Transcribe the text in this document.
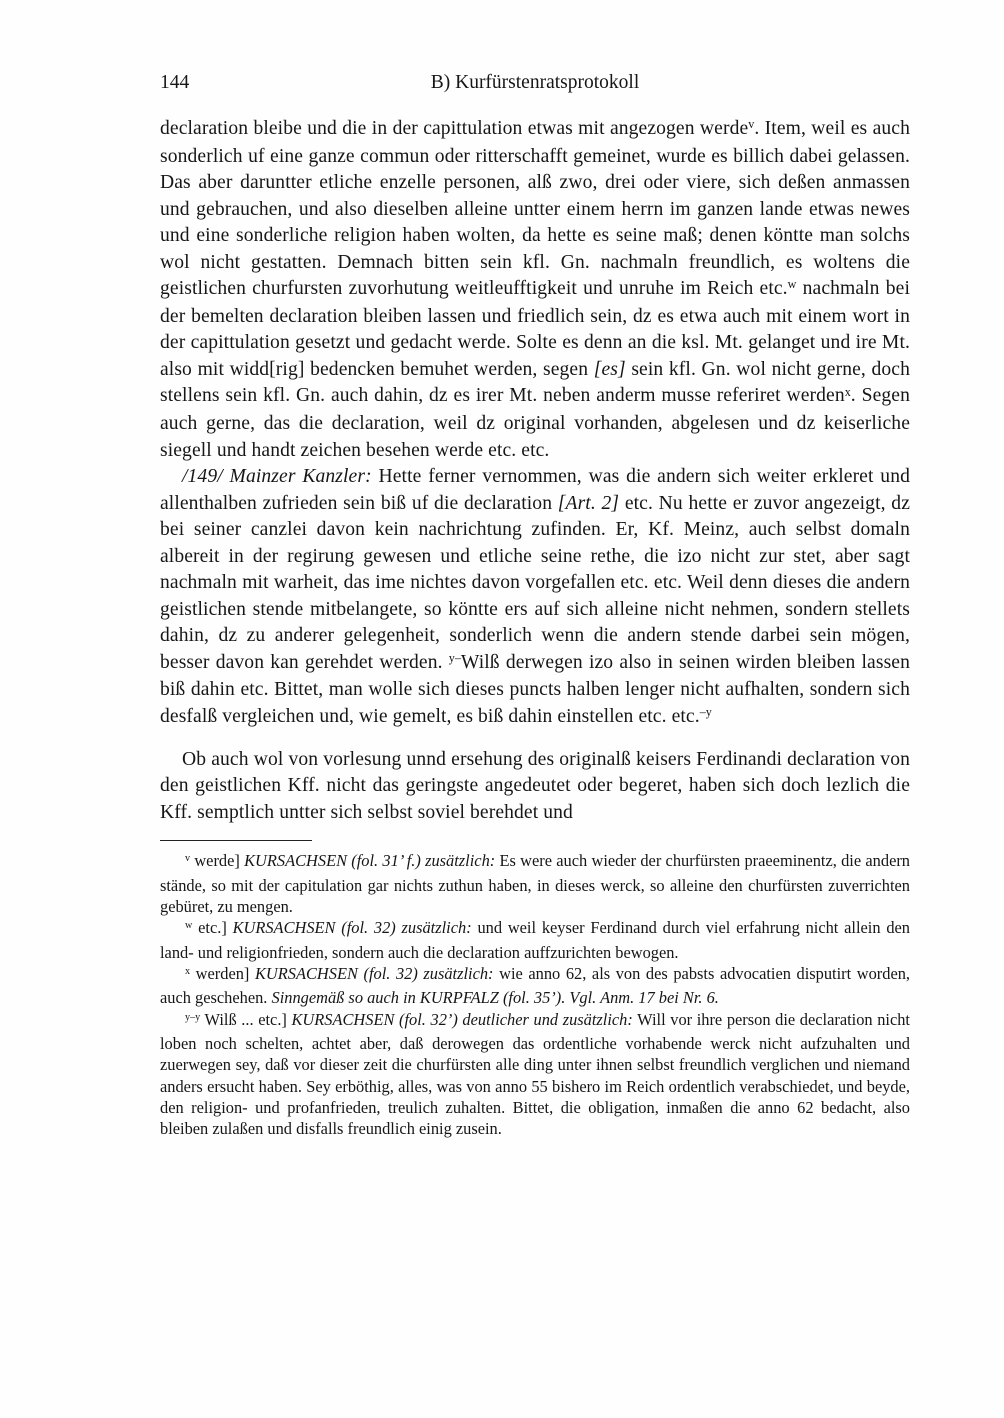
144	B) Kurfürstenratsprotokoll

declaration bleibe und die in der capittulation etwas mit angezogen werde$^v$. Item, weil es auch sonderlich uf eine ganze commun oder ritterschafft gemeinet, wurde es billich dabei gelassen. Das aber daruntter etliche enzelle personen, alß zwo, drei oder viere, sich deßen anmassen und gebrauchen, und also dieselben alleine untter einem herrn im ganzen lande etwas newes und eine sonderliche religion haben wolten, da hette es seine maß; denen köntte man solchs wol nicht gestatten. Demnach bitten sein kfl. Gn. nachmaln freundlich, es woltens die geistlichen churfursten zuvorhutung weitleufftigkeit und unruhe im Reich etc.$^w$ nachmaln bei der bemelten declaration bleiben lassen und friedlich sein, dz es etwa auch mit einem wort in der capittulation gesetzt und gedacht werde. Solte es denn an die ksl. Mt. gelanget und ire Mt. also mit widd[rig] bedencken bemuhet werden, segen [es] sein kfl. Gn. wol nicht gerne, doch stellens sein kfl. Gn. auch dahin, dz es irer Mt. neben anderm musse referiret werden$^x$. Segen auch gerne, das die declaration, weil dz original vorhanden, abgelesen und dz keiserliche siegell und handt zeichen besehen werde etc. etc.

/149/ Mainzer Kanzler: Hette ferner vernommen, was die andern sich weiter erkleret und allenthalben zufrieden sein biß uf die declaration [Art. 2] etc. Nu hette er zuvor angezeigt, dz bei seiner canzlei davon kein nachrichtung zufinden. Er, Kf. Meinz, auch selbst domaln albereit in der regirung gewesen und etliche seine rethe, die izo nicht zur stet, aber sagt nachmaln mit warheit, das ime nichtes davon vorgefallen etc. etc. Weil denn dieses die andern geistlichen stende mitbelangete, so köntte ers auf sich alleine nicht nehmen, sondern stellets dahin, dz zu anderer gelegenheit, sonderlich wenn die andern stende darbei sein mögen, besser davon kan gerehdet werden. $^{y-}$Wilß derwegen izo also in seinen wirden bleiben lassen biß dahin etc. Bittet, man wolle sich dieses puncts halben lenger nicht aufhalten, sondern sich desfalß vergleichen und, wie gemelt, es biß dahin einstellen etc. etc.$^{-y}$

Ob auch wol von vorlesung unnd ersehung des originalß keisers Ferdinandi declaration von den geistlichen Kff. nicht das geringste angedeutet oder begeret, haben sich doch lezlich die Kff. semptlich untter sich selbst soviel berehdet und

$^v$ werde] KURSACHSEN (fol. 31’ f.) zusätzlich: Es were auch wieder der churfürsten praeeminentz, die andern stände, so mit der capitulation gar nichts zuthun haben, in dieses werck, so alleine den churfürsten zuverrichten gebüret, zu mengen.

$^w$ etc.] KURSACHSEN (fol. 32) zusätzlich: und weil keyser Ferdinand durch viel erfahrung nicht allein den land- und religionfrieden, sondern auch die declaration auffzurichten bewogen.

$^x$ werden] KURSACHSEN (fol. 32) zusätzlich: wie anno 62, als von des pabsts advocatien disputirt worden, auch geschehen. Sinngemäß so auch in KURPFALZ (fol. 35’). Vgl. Anm. 17 bei Nr. 6.

$^{y-y}$ Wilß ... etc.] KURSACHSEN (fol. 32’) deutlicher und zusätzlich: Will vor ihre person die declaration nicht loben noch schelten, achtet aber, daß derowegen das ordentliche vorhabende werck nicht aufzuhalten und zuerwegen sey, daß vor dieser zeit die churfürsten alle ding unter ihnen selbst freundlich verglichen und niemand anders ersucht haben. Sey erböthig, alles, was von anno 55 bishero im Reich ordentlich verabschiedet, und beyde, den religion- und profanfrieden, treulich zuhalten. Bittet, die obligation, inmaßen die anno 62 bedacht, also bleiben zulaßen und disfalls freundlich einig zusein.
